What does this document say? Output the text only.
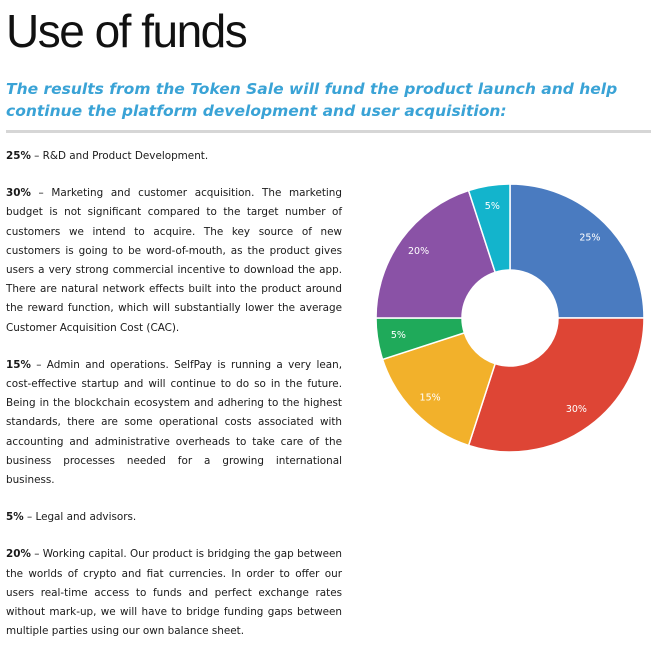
Use of funds
The results from the Token Sale will fund the product launch and help continue the platform development and user acquisition:

25% – R&D and Product Development.

30% – Marketing and customer acquisition. The marketing budget is not significant compared to the target number of customers we intend to acquire. The key source of new customers is going to be word-of-mouth, as the product gives users a very strong commercial incentive to download the app. There are natural network effects built into the product around the reward function, which will substantially lower the average Customer Acquisition Cost (CAC).

15% – Admin and operations. SelfPay is running a very lean, cost-effective startup and will continue to do so in the future. Being in the blockchain ecosystem and adhering to the highest standards, there are some operational costs associated with accounting and administrative overheads to take care of the business processes needed for a growing international business.

5% – Legal and advisors.

20% – Working capital. Our product is bridging the gap between the worlds of crypto and fiat currencies. In order to offer our users real-time access to funds and perfect exchange rates without mark-up, we will have to bridge funding gaps between multiple parties using our own balance sheet.

25%
30%
15%
5%
20%
5%
